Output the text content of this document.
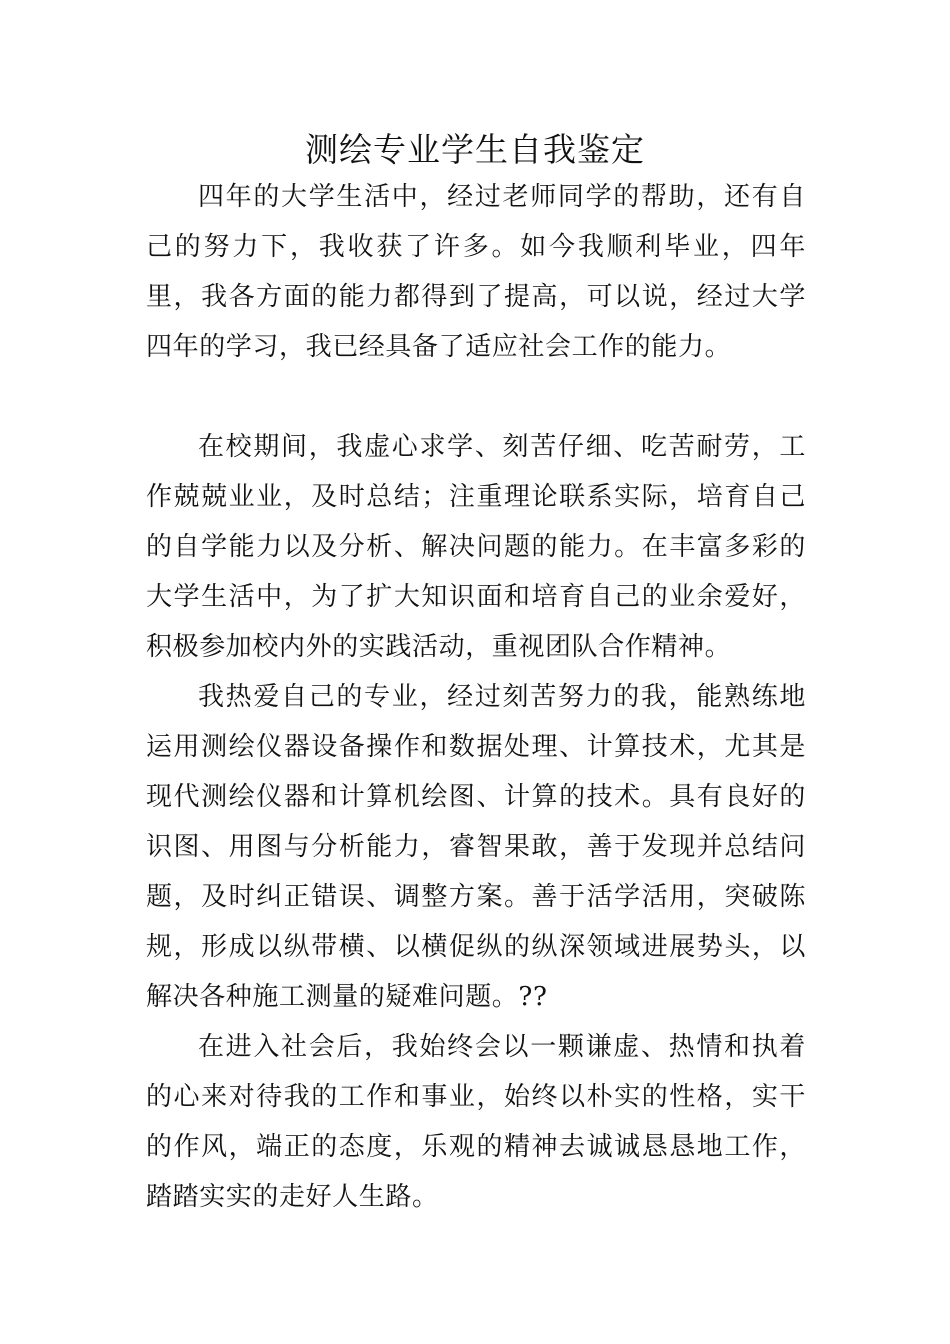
测绘专业学生自我鉴定

四年的大学生活中，经过老师同学的帮助，还有自己的努力下，我收获了许多。如今我顺利毕业，四年里，我各方面的能力都得到了提高，可以说，经过大学四年的学习，我已经具备了适应社会工作的能力。

在校期间，我虚心求学、刻苦仔细、吃苦耐劳，工作兢兢业业，及时总结；注重理论联系实际，培育自己的自学能力以及分析、解决问题的能力。在丰富多彩的大学生活中，为了扩大知识面和培育自己的业余爱好，积极参加校内外的实践活动，重视团队合作精神。

我热爱自己的专业，经过刻苦努力的我，能熟练地运用测绘仪器设备操作和数据处理、计算技术，尤其是现代测绘仪器和计算机绘图、计算的技术。具有良好的识图、用图与分析能力，睿智果敢，善于发现并总结问题，及时纠正错误、调整方案。善于活学活用，突破陈规，形成以纵带横、以横促纵的纵深领域进展势头，以解决各种施工测量的疑难问题。??

在进入社会后，我始终会以一颗谦虚、热情和执着的心来对待我的工作和事业，始终以朴实的性格，实干的作风，端正的态度，乐观的精神去诚诚恳恳地工作，踏踏实实的走好人生路。
